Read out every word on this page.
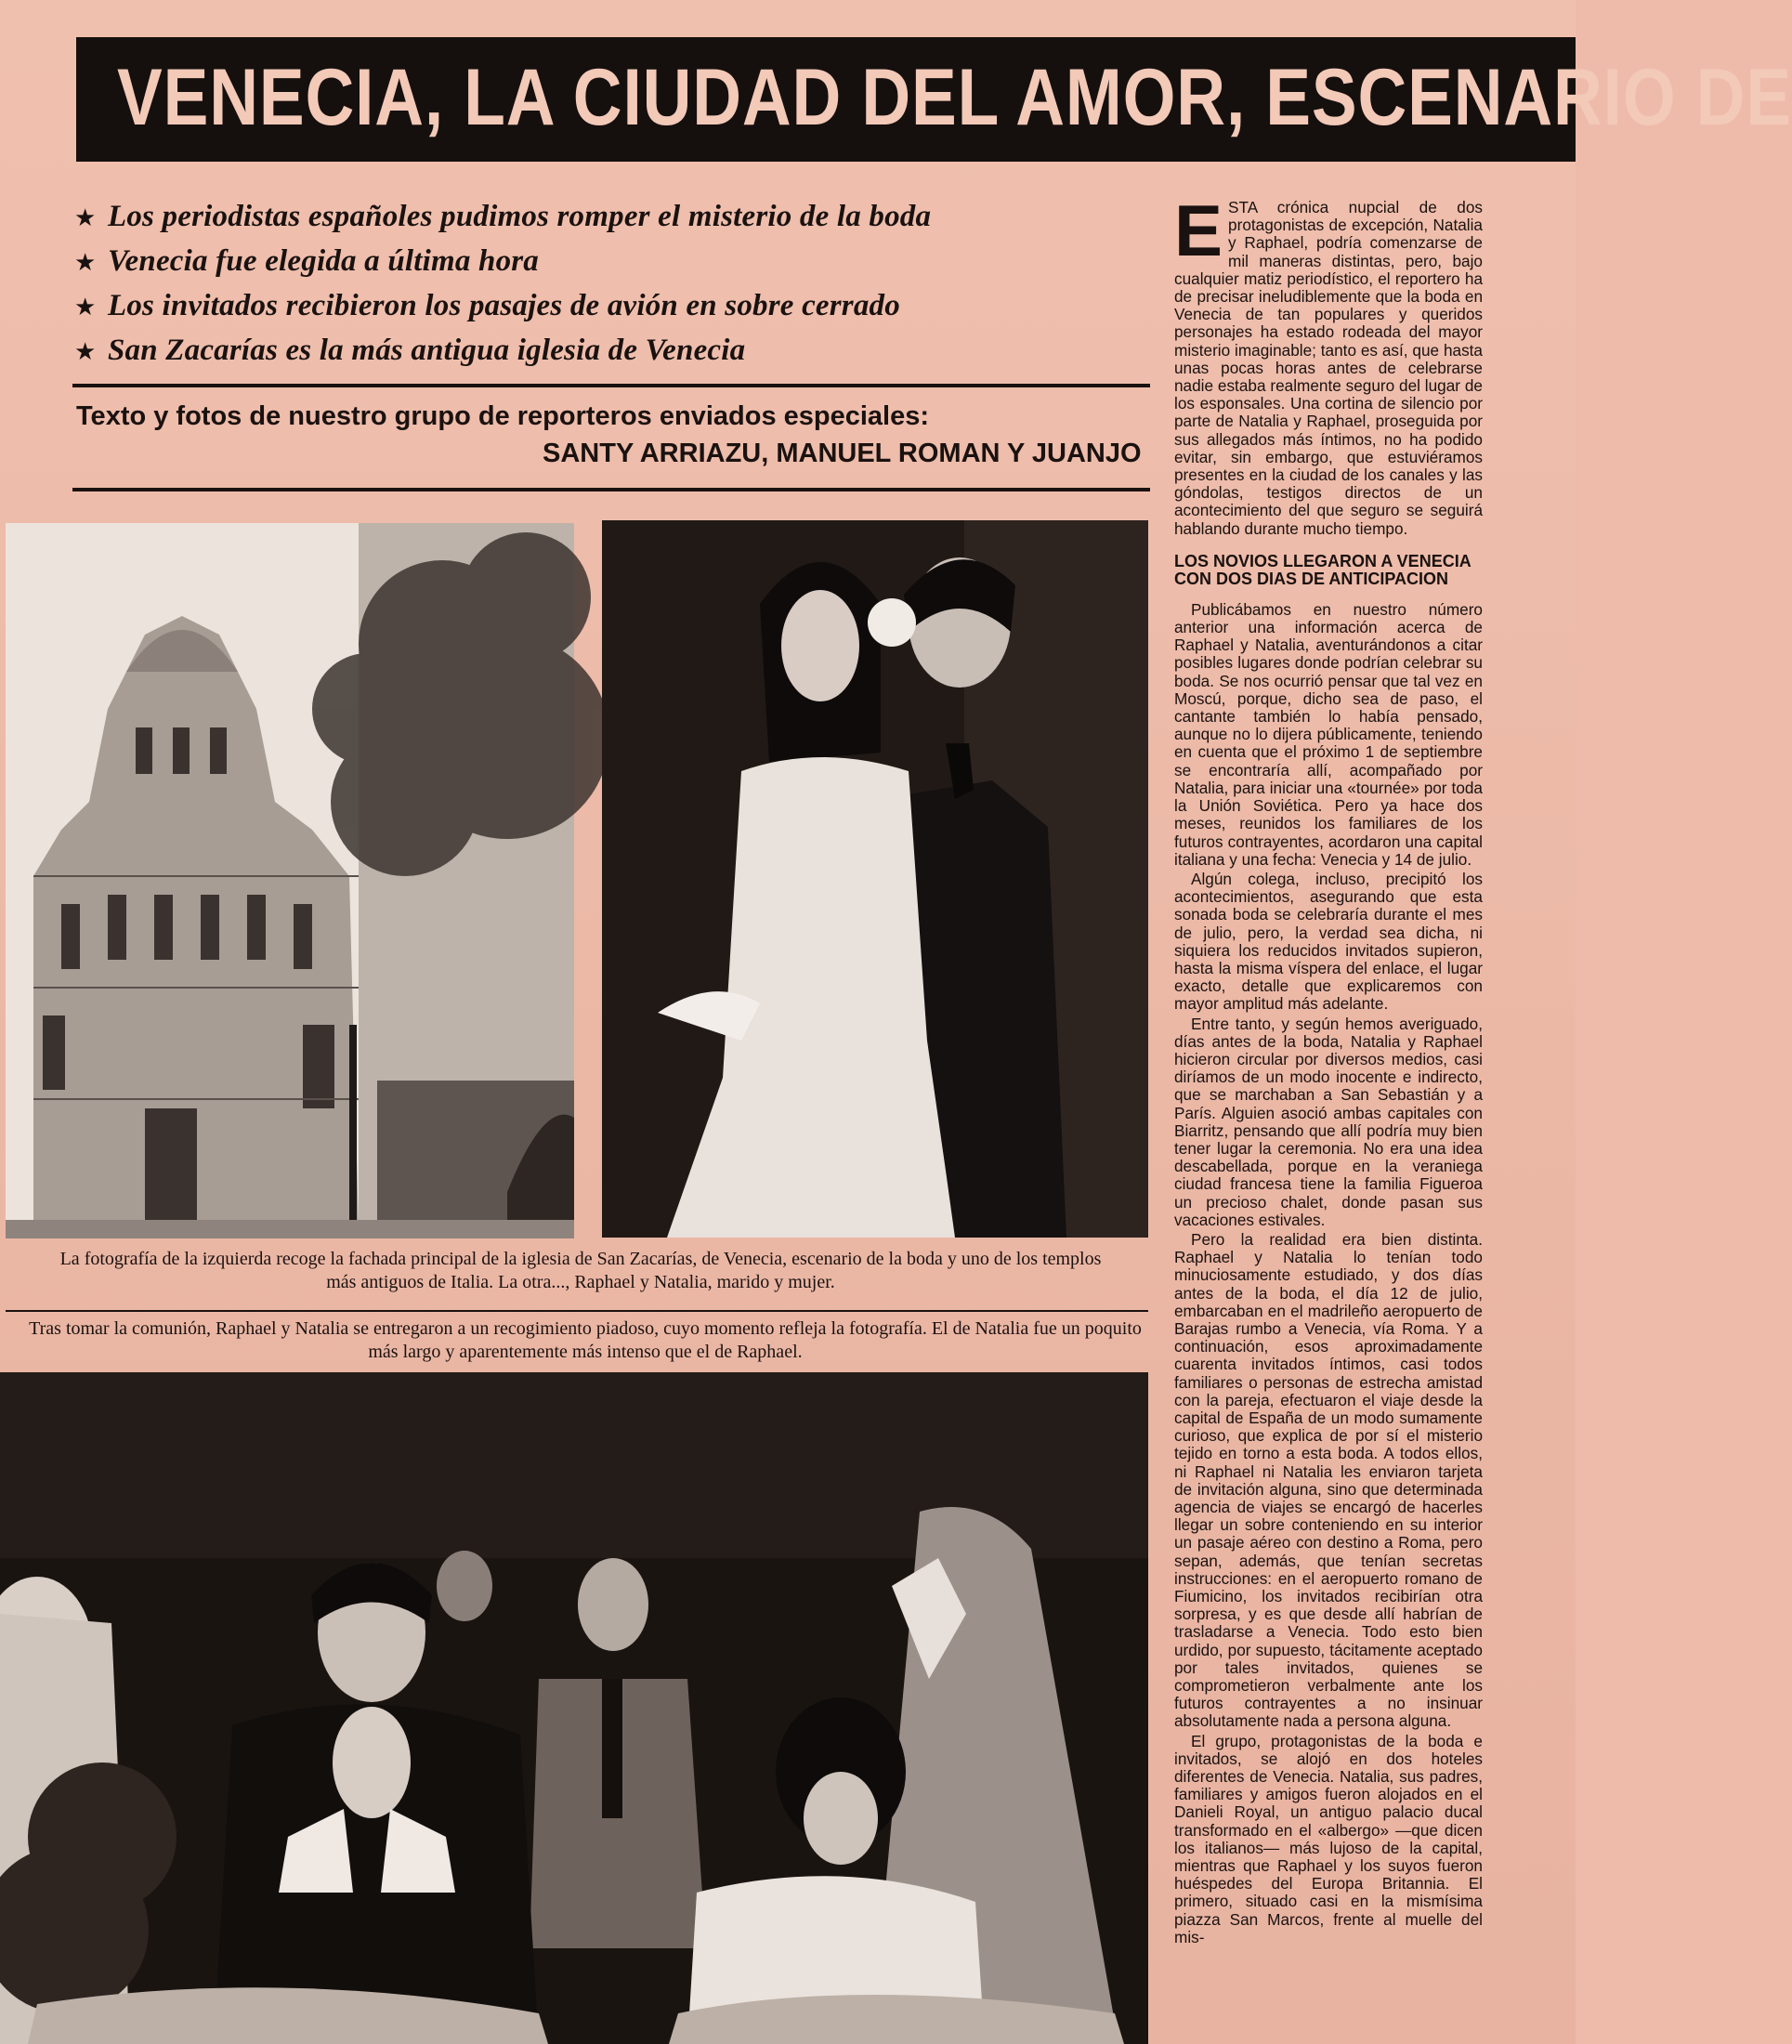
VENECIA, LA CIUDAD DEL AMOR, ESCENARIO DE
★ Los periodistas españoles pudimos romper el misterio de la boda
★ Venecia fue elegida a última hora
★ Los invitados recibieron los pasajes de avión en sobre cerrado
★ San Zacarías es la más antigua iglesia de Venecia
Texto y fotos de nuestro grupo de reporteros enviados especiales:
SANTY ARRIAZU, MANUEL ROMAN Y JUANJO
La fotografía de la izquierda recoge la fachada principal de la iglesia de San Zacarías, de Venecia, escenario de la boda y uno de los templos más antiguos de Italia. La otra..., Raphael y Natalia, marido y mujer.
Tras tomar la comunión, Raphael y Natalia se entregaron a un recogimiento piadoso, cuyo momento refleja la fotografía. El de Natalia fue un poquito más largo y aparentemente más intenso que el de Raphael.

ESTA crónica nupcial de dos protagonistas de excepción, Natalia y Raphael, podría comenzarse de mil maneras distintas, pero, bajo cualquier matiz periodístico, el reportero ha de precisar ineludiblemente que la boda en Venecia de tan populares y queridos personajes ha estado rodeada del mayor misterio imaginable; tanto es así, que hasta unas pocas horas antes de celebrarse nadie estaba realmente seguro del lugar de los esponsales. Una cortina de silencio por parte de Natalia y Raphael, proseguida por sus allegados más íntimos, no ha podido evitar, sin embargo, que estuviéramos presentes en la ciudad de los canales y las góndolas, testigos directos de un acontecimiento del que seguro se seguirá hablando durante mucho tiempo.

LOS NOVIOS LLEGARON A VENECIA CON DOS DIAS DE ANTICIPACION

Publicábamos en nuestro número anterior una información acerca de Raphael y Natalia, aventurándonos a citar posibles lugares donde podrían celebrar su boda. Se nos ocurrió pensar que tal vez en Moscú, porque, dicho sea de paso, el cantante también lo había pensado, aunque no lo dijera públicamente, teniendo en cuenta que el próximo 1 de septiembre se encontraría allí, acompañado por Natalia, para iniciar una «tournée» por toda la Unión Soviética. Pero ya hace dos meses, reunidos los familiares de los futuros contrayentes, acordaron una capital italiana y una fecha: Venecia y 14 de julio.

Algún colega, incluso, precipitó los acontecimientos, asegurando que esta sonada boda se celebraría durante el mes de julio, pero, la verdad sea dicha, ni siquiera los reducidos invitados supieron, hasta la misma víspera del enlace, el lugar exacto, detalle que explicaremos con mayor amplitud más adelante.

Entre tanto, y según hemos averiguado, días antes de la boda, Natalia y Raphael hicieron circular por diversos medios, casi diríamos de un modo inocente e indirecto, que se marchaban a San Sebastián y a París. Alguien asoció ambas capitales con Biarritz, pensando que allí podría muy bien tener lugar la ceremonia. No era una idea descabellada, porque en la veraniega ciudad francesa tiene la familia Figueroa un precioso chalet, donde pasan sus vacaciones estivales.

Pero la realidad era bien distinta. Raphael y Natalia lo tenían todo minuciosamente estudiado, y dos días antes de la boda, el día 12 de julio, embarcaban en el madrileño aeropuerto de Barajas rumbo a Venecia, vía Roma. Y a continuación, esos aproximadamente cuarenta invitados íntimos, casi todos familiares o personas de estrecha amistad con la pareja, efectuaron el viaje desde la capital de España de un modo sumamente curioso, que explica de por sí el misterio tejido en torno a esta boda. A todos ellos, ni Raphael ni Natalia les enviaron tarjeta de invitación alguna, sino que determinada agencia de viajes se encargó de hacerles llegar un sobre conteniendo en su interior un pasaje aéreo con destino a Roma, pero sepan, además, que tenían secretas instrucciones: en el aeropuerto romano de Fiumicino, los invitados recibirían otra sorpresa, y es que desde allí habrían de trasladarse a Venecia. Todo esto bien urdido, por supuesto, tácitamente aceptado por tales invitados, quienes se comprometieron verbalmente ante los futuros contrayentes a no insinuar absolutamente nada a persona alguna.

El grupo, protagonistas de la boda e invitados, se alojó en dos hoteles diferentes de Venecia. Natalia, sus padres, familiares y amigos fueron alojados en el Danieli Royal, un antiguo palacio ducal transformado en el «albergo» —que dicen los italianos— más lujoso de la capital, mientras que Raphael y los suyos fueron huéspedes del Europa Britannia. El primero, situado casi en la mismísima piazza San Marcos, frente al muelle del mis-
